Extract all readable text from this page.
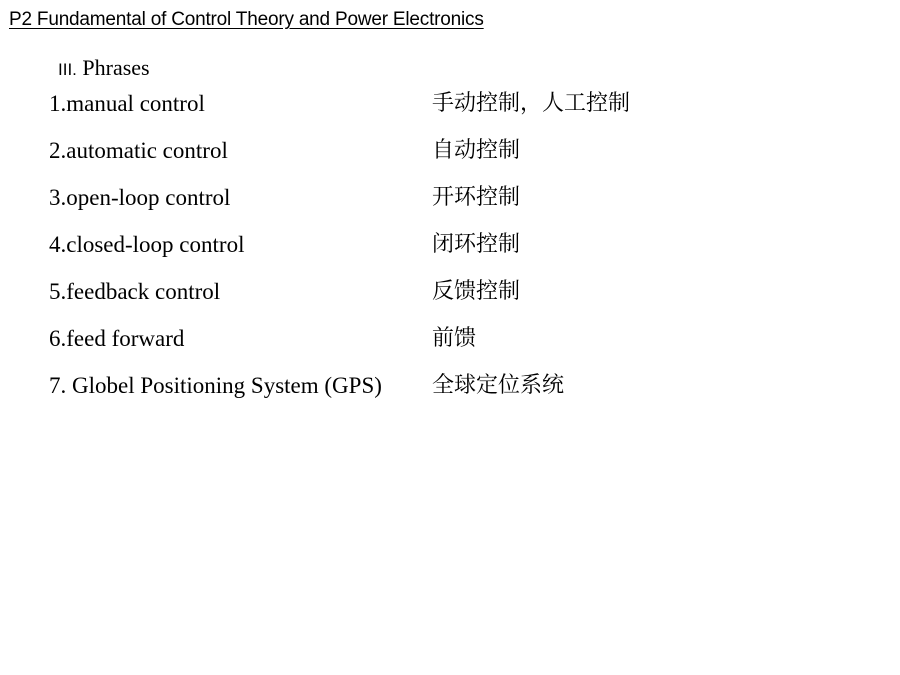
P2 Fundamental of Control Theory and Power Electronics
III. Phrases
1.manual control	手动控制，人工控制
2.automatic control	自动控制
3.open-loop control	开环控制
4.closed-loop control	闭环控制
5.feedback control	反馈控制
6.feed forward	前馈
7. Globel Positioning System (GPS) 全球定位系统
